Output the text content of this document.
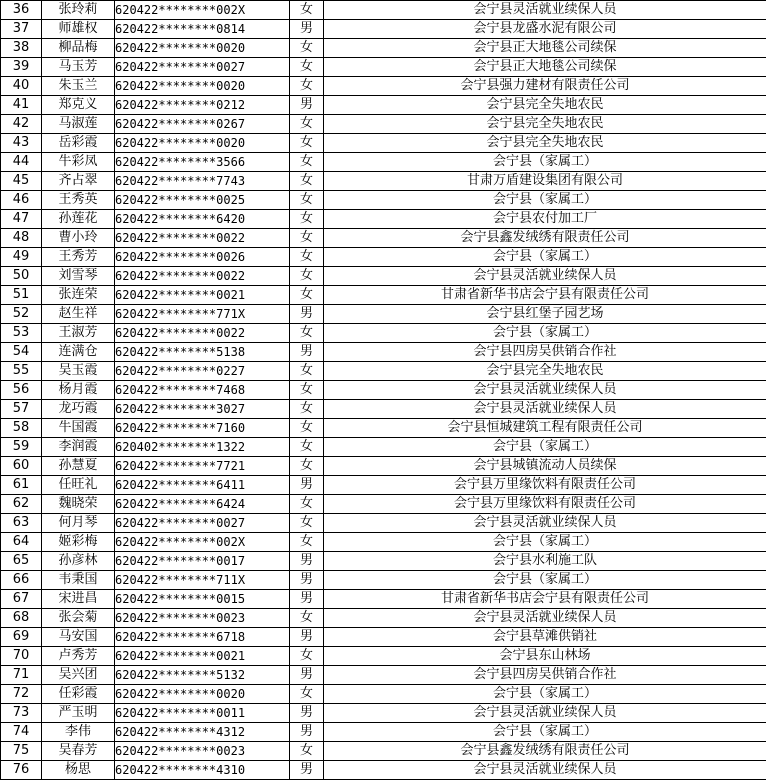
36	张玲莉	620422********002X	女	会宁县灵活就业续保人员
37	师雄权	620422********0814	男	会宁县龙盛水泥有限公司
38	柳品梅	620422********0020	女	会宁县正大地毯公司续保
39	马玉芳	620422********0027	女	会宁县正大地毯公司续保
40	朱玉兰	620422********0020	女	会宁县强力建材有限责任公司
41	郑克义	620422********0212	男	会宁县完全失地农民
42	马淑莲	620422********0267	女	会宁县完全失地农民
43	岳彩霞	620422********0020	女	会宁县完全失地农民
44	牛彩凤	620422********3566	女	会宁县（家属工）
45	齐占翠	620422********7743	女	甘肃万盾建设集团有限公司
46	王秀英	620422********0025	女	会宁县（家属工）
47	孙莲花	620422********6420	女	会宁县农付加工厂
48	曹小玲	620422********0022	女	会宁县鑫发绒绣有限责任公司
49	王秀芳	620422********0026	女	会宁县（家属工）
50	刘雪琴	620422********0022	女	会宁县灵活就业续保人员
51	张连荣	620422********0021	女	甘肃省新华书店会宁县有限责任公司
52	赵生祥	620422********771X	男	会宁县红堡子园艺场
53	王淑芳	620422********0022	女	会宁县（家属工）
54	连满仓	620422********5138	男	会宁县四房吴供销合作社
55	吴玉霞	620422********0227	女	会宁县完全失地农民
56	杨月霞	620422********7468	女	会宁县灵活就业续保人员
57	龙巧霞	620422********3027	女	会宁县灵活就业续保人员
58	牛国霞	620422********7160	女	会宁县恒城建筑工程有限责任公司
59	李润霞	620402********1322	女	会宁县（家属工）
60	孙慧夏	620422********7721	女	会宁县城镇流动人员续保
61	任旺礼	620422********6411	男	会宁县万里缘饮料有限责任公司
62	魏晓荣	620422********6424	女	会宁县万里缘饮料有限责任公司
63	何月琴	620422********0027	女	会宁县灵活就业续保人员
64	姬彩梅	620422********002X	女	会宁县（家属工）
65	孙彦林	620422********0017	男	会宁县水利施工队
66	韦秉国	620422********711X	男	会宁县（家属工）
67	宋进昌	620422********0015	男	甘肃省新华书店会宁县有限责任公司
68	张会菊	620422********0023	女	会宁县灵活就业续保人员
69	马安国	620422********6718	男	会宁县草滩供销社
70	卢秀芳	620422********0021	女	会宁县东山林场
71	吴兴团	620422********5132	男	会宁县四房吴供销合作社
72	任彩霞	620422********0020	女	会宁县（家属工）
73	严玉明	620422********0011	男	会宁县灵活就业续保人员
74	李伟	620422********4312	男	会宁县（家属工）
75	吴春芳	620422********0023	女	会宁县鑫发绒绣有限责任公司
76	杨思	620422********4310	男	会宁县灵活就业续保人员
